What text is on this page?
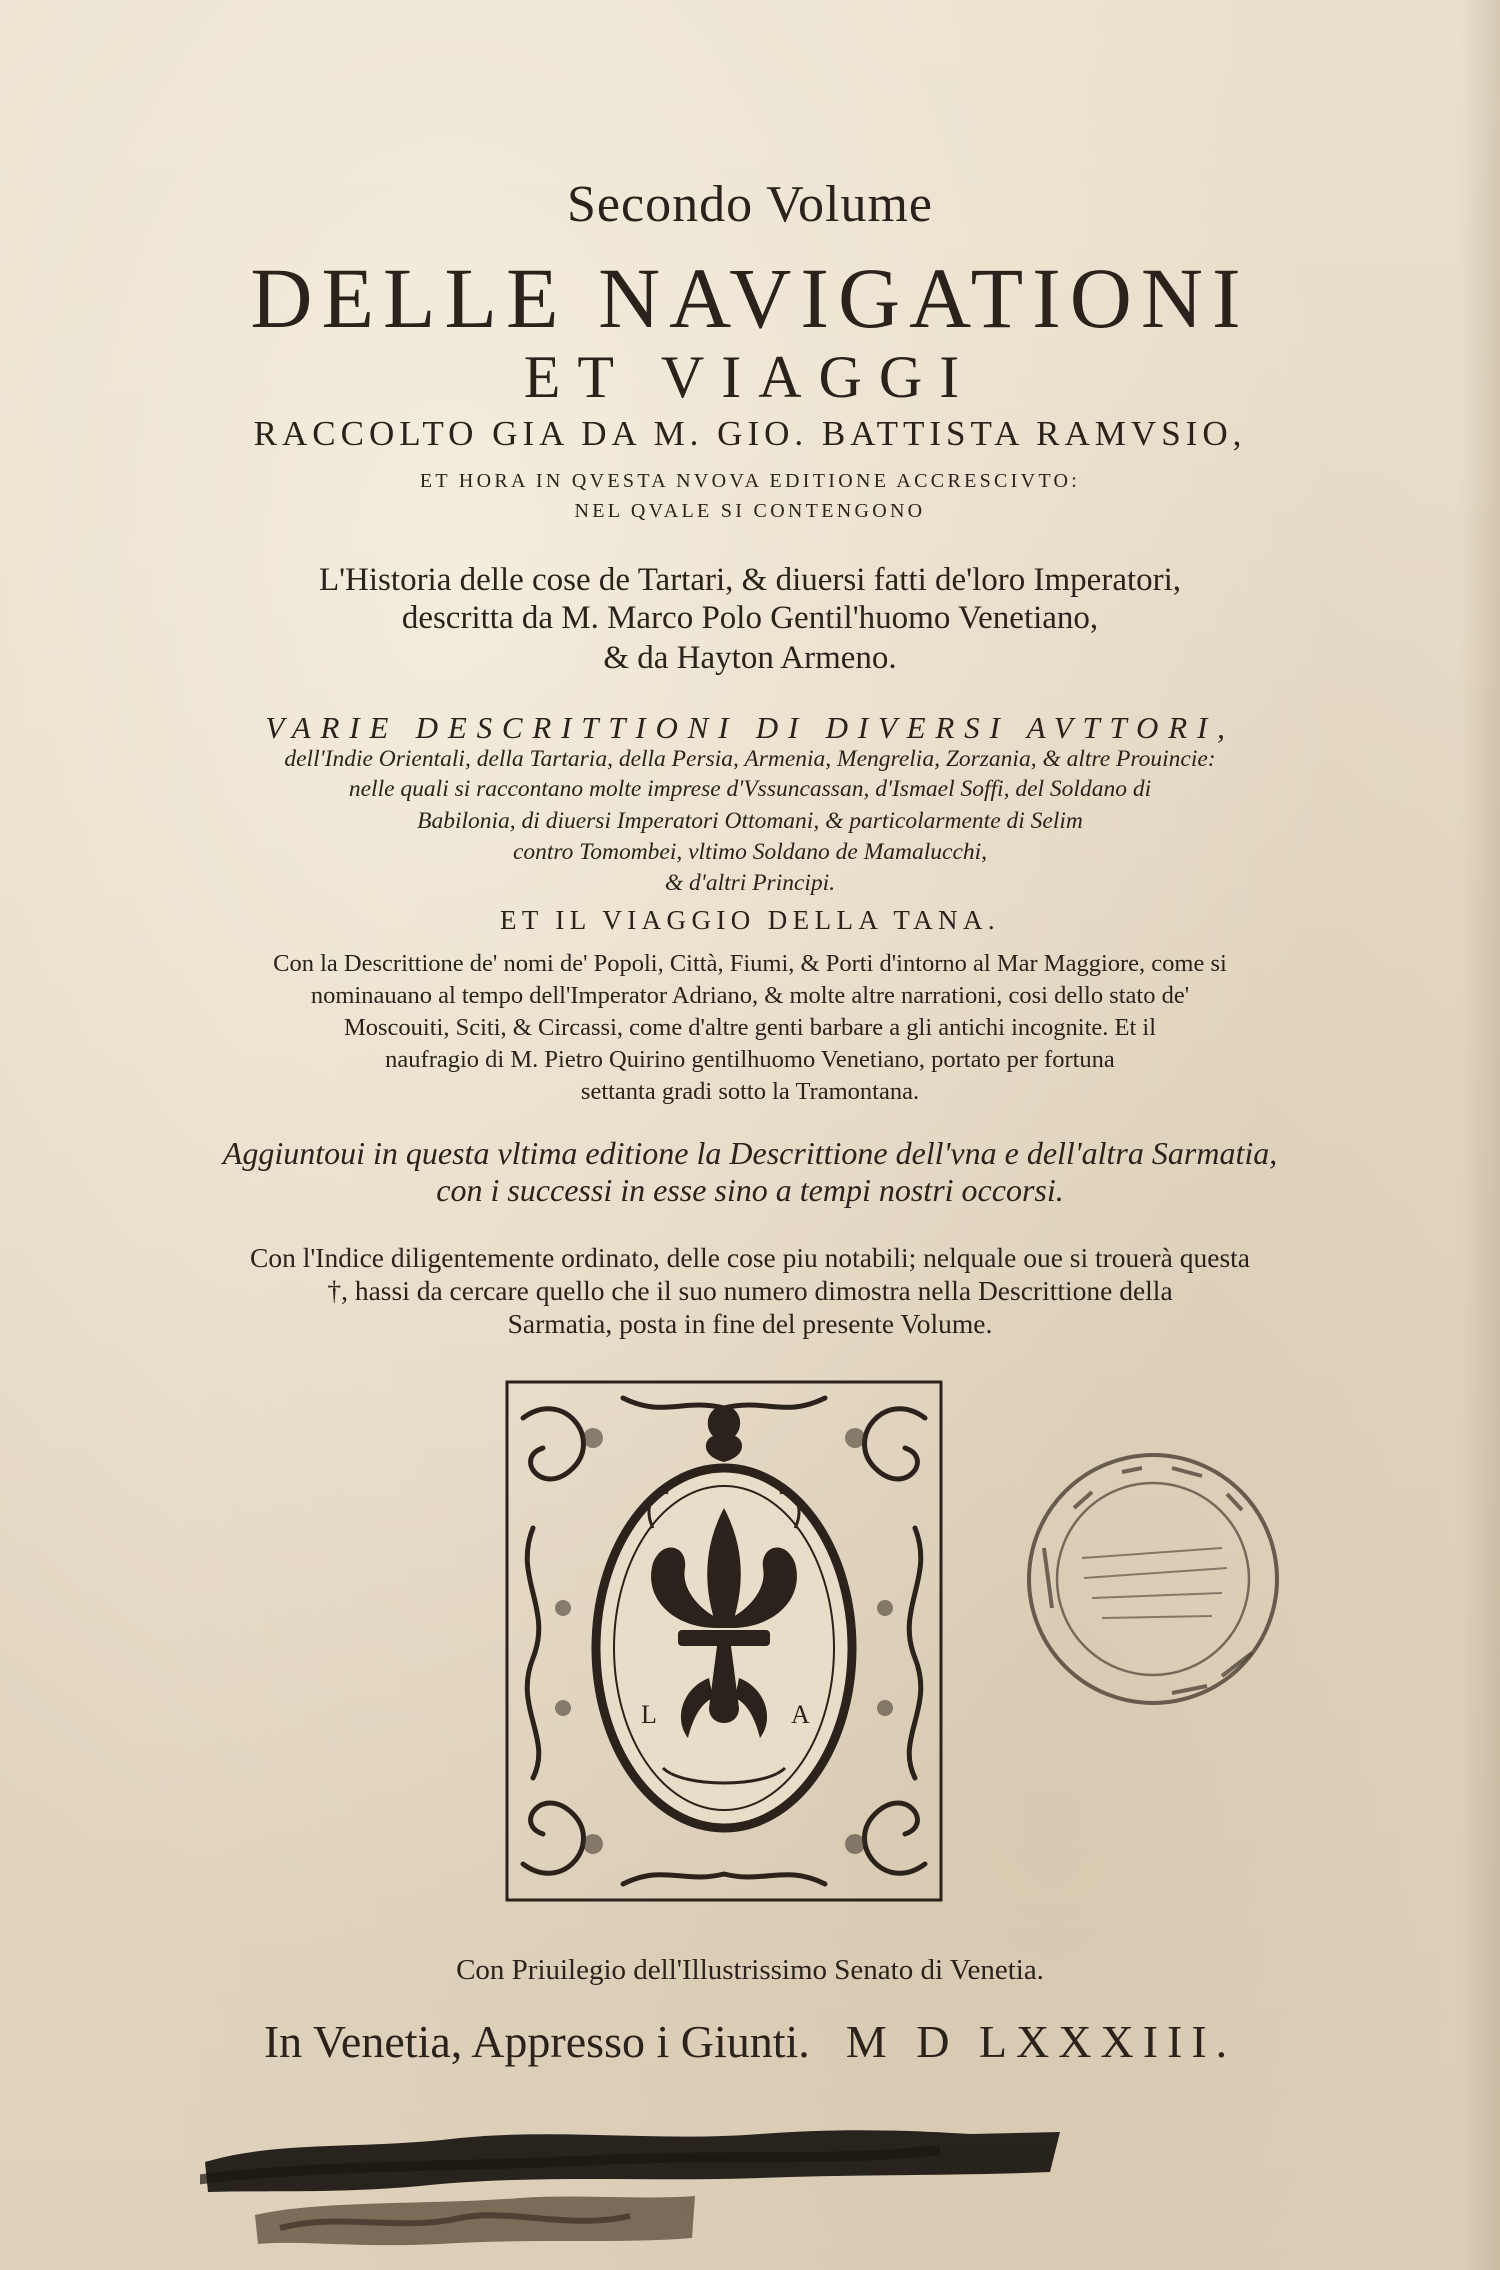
Secondo Volume
DELLE NAVIGATIONI
ET VIAGGI
RACCOLTO GIA DA M. GIO. BATTISTA RAMVSIO,
ET HORA IN QVESTA NVOVA EDITIONE ACCRESCIVTO:
NEL QVALE SI CONTENGONO
L'Historia delle cose de Tartari, & diuersi fatti de'loro Imperatori,
descritta da M. Marco Polo Gentil'huomo Venetiano,
& da Hayton Armeno.
VARIE DESCRITTIONI DI DIVERSI AVTTORI,
dell'Indie Orientali, della Tartaria, della Persia, Armenia, Mengrelia, Zorzania, & altre Prouincie:
nelle quali si raccontano molte imprese d'Vssuncassan, d'Ismael Soffi, del Soldano di
Babilonia, di diuersi Imperatori Ottomani, & particolarmente di Selim
contro Tomombei, vltimo Soldano de Mamalucchi,
& d'altri Principi.
ET IL VIAGGIO DELLA TANA.
Con la Descrittione de' nomi de' Popoli, Città, Fiumi, & Porti d'intorno al Mar Maggiore, come si
nominauano al tempo dell'Imperator Adriano, & molte altre narrationi, cosi dello stato de'
Moscouiti, Sciti, & Circassi, come d'altre genti barbare a gli antichi incognite. Et il
naufragio di M. Pietro Quirino gentilhuomo Venetiano, portato per fortuna
settanta gradi sotto la Tramontana.
Aggiuntoui in questa vltima editione la Descrittione dell'vna e dell'altra Sarmatia,
con i successi in esse sino a tempi nostri occorsi.
Con l'Indice diligentemente ordinato, delle cose piu notabili; nelquale oue si trouerà questa
†, hassi da cercare quello che il suo numero dimostra nella Descrittione della
Sarmatia, posta in fine del presente Volume.
L	A
Con Priuilegio dell'Illustrissimo Senato di Venetia.
In Venetia, Appresso i Giunti. M D LXXXIII.
